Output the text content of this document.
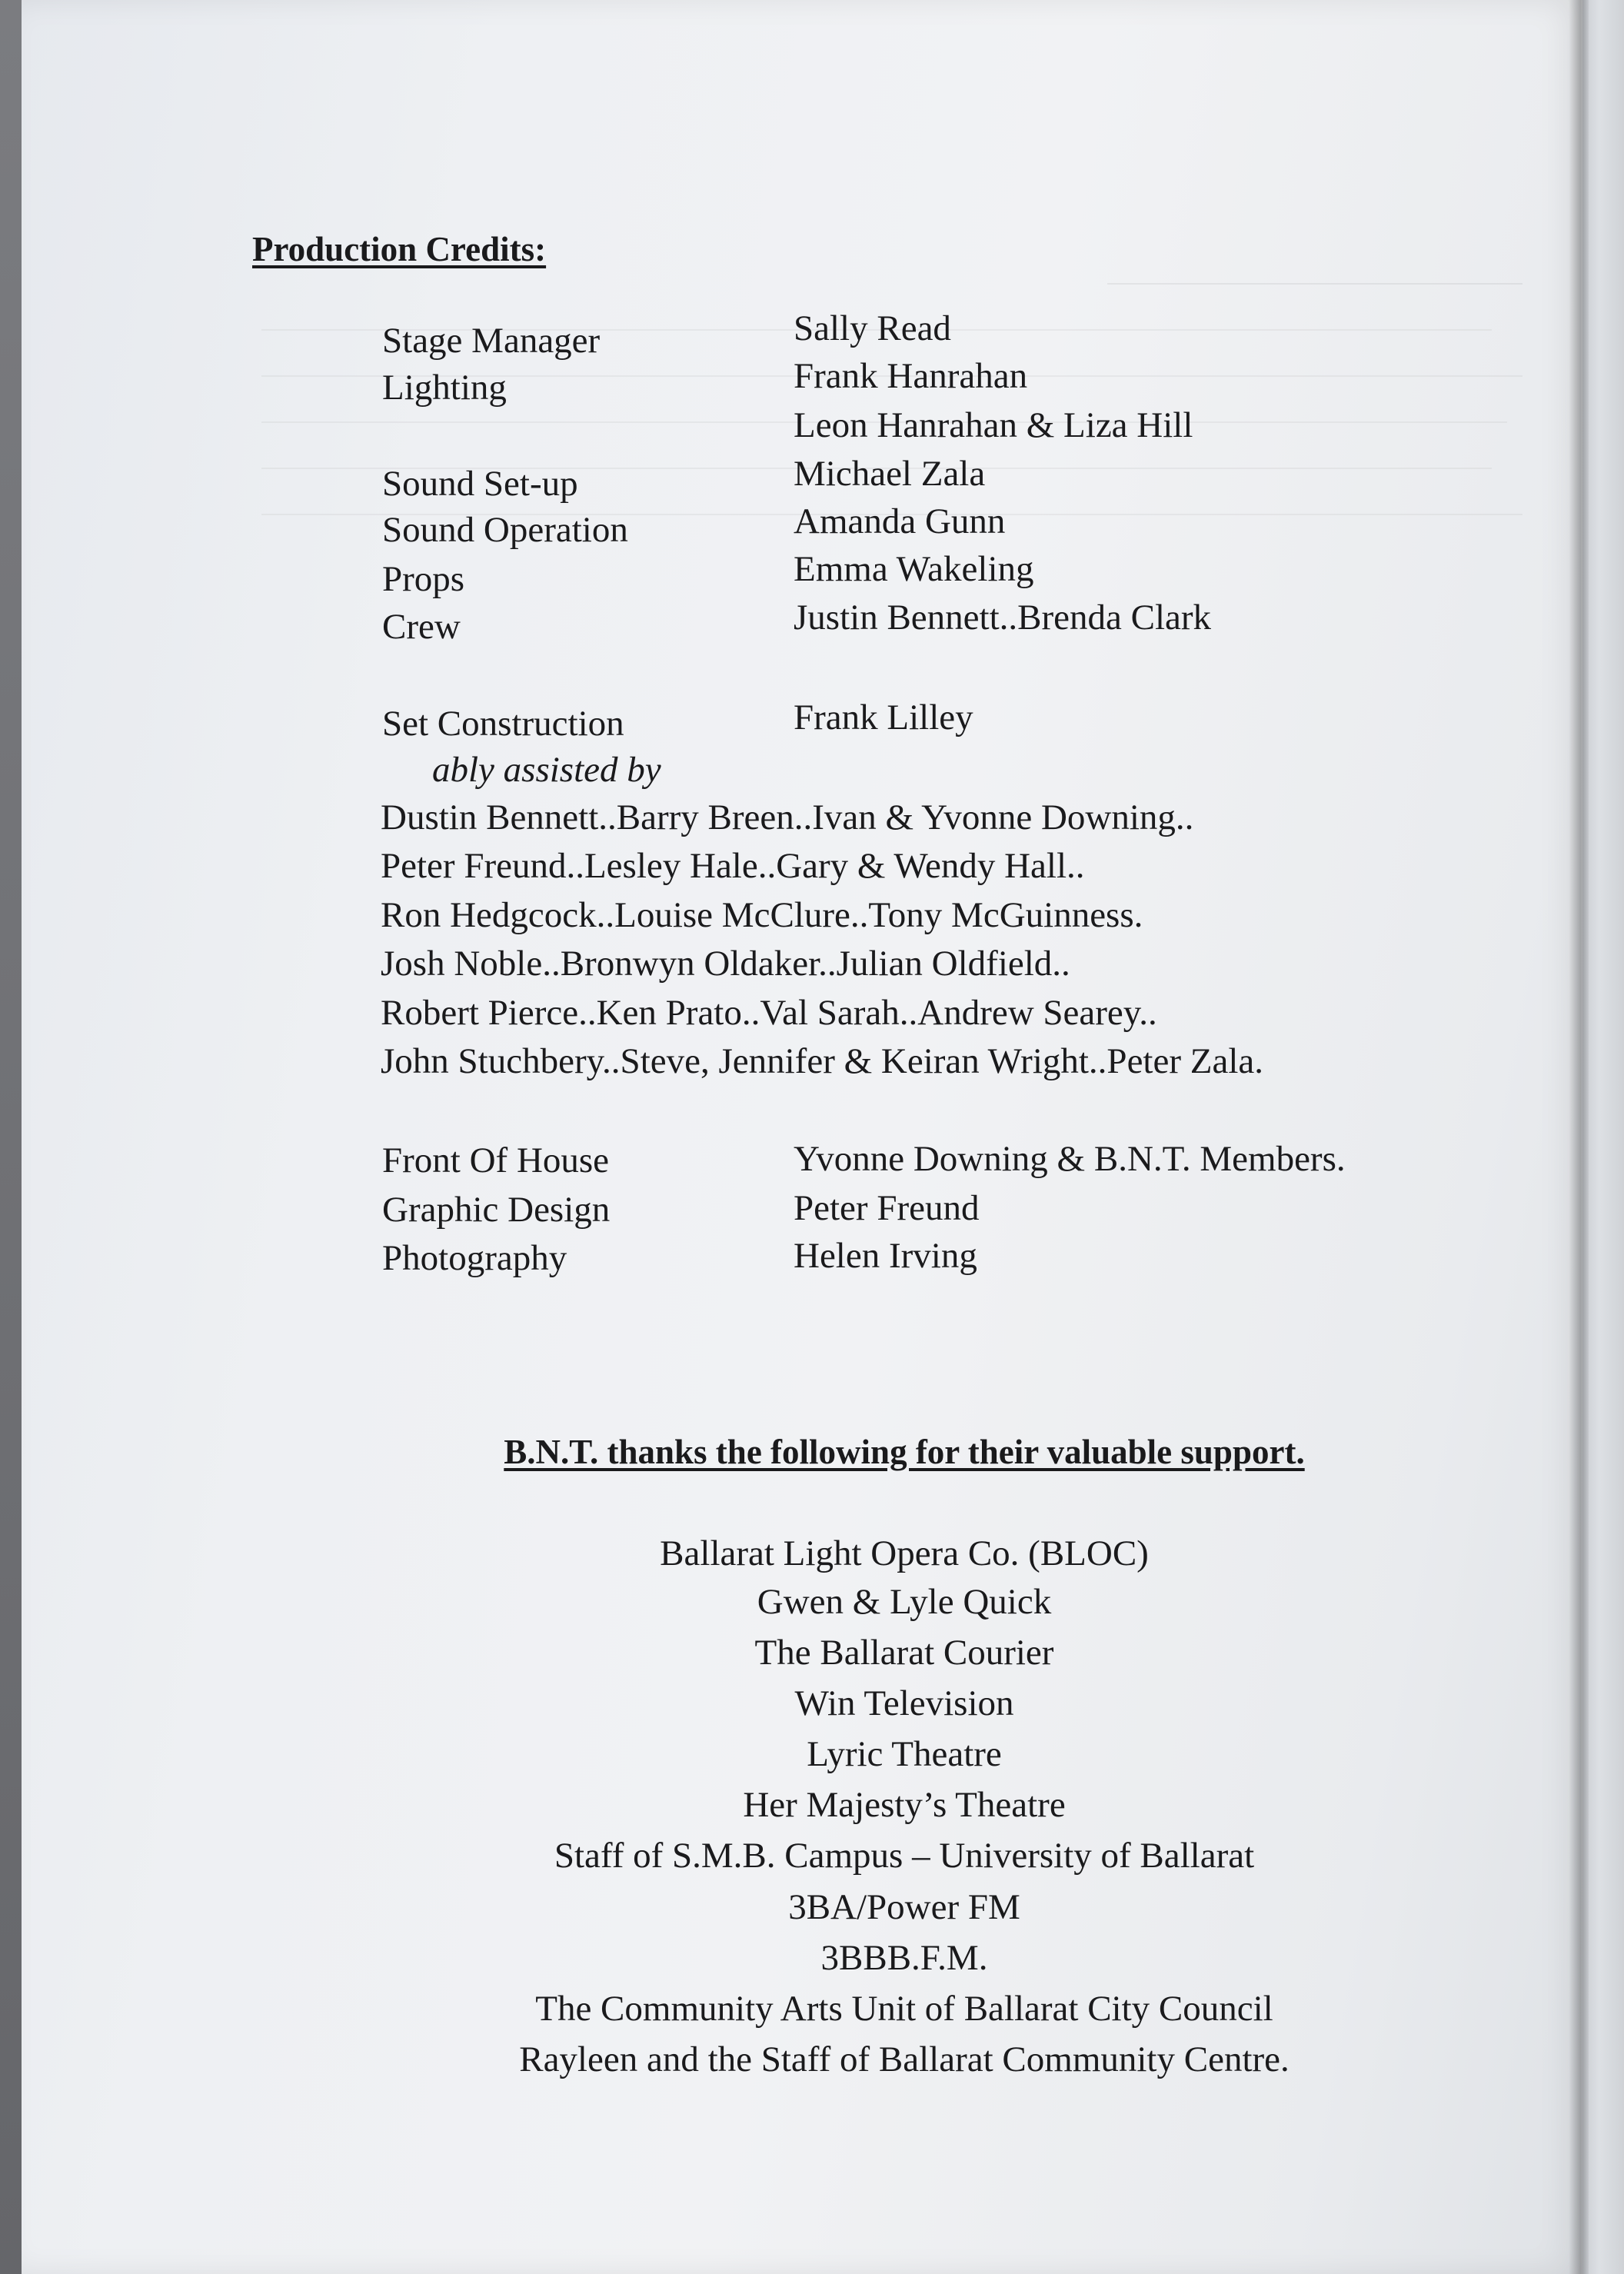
Production Credits:
Stage Manager	Sally Read
Lighting	Frank Hanrahan
Leon Hanrahan & Liza Hill
Sound Set-up	Michael Zala
Sound Operation	Amanda Gunn
Props	Emma Wakeling
Crew	Justin Bennett..Brenda Clark
Set Construction	Frank Lilley
ably assisted by
Dustin Bennett..Barry Breen..Ivan & Yvonne Downing..
Peter Freund..Lesley Hale..Gary & Wendy Hall..
Ron Hedgcock..Louise McClure..Tony McGuinness.
Josh Noble..Bronwyn Oldaker..Julian Oldfield..
Robert Pierce..Ken Prato..Val Sarah..Andrew Searey..
John Stuchbery..Steve, Jennifer & Keiran Wright..Peter Zala.
Front Of House	Yvonne Downing & B.N.T. Members.
Graphic Design	Peter Freund
Photography	Helen Irving
B.N.T. thanks the following for their valuable support.
Ballarat Light Opera Co. (BLOC)
Gwen & Lyle Quick
The Ballarat Courier
Win Television
Lyric Theatre
Her Majesty’s Theatre
Staff of S.M.B. Campus – University of Ballarat
3BA/Power FM
3BBB.F.M.
The Community Arts Unit of Ballarat City Council
Rayleen and the Staff of Ballarat Community Centre.
